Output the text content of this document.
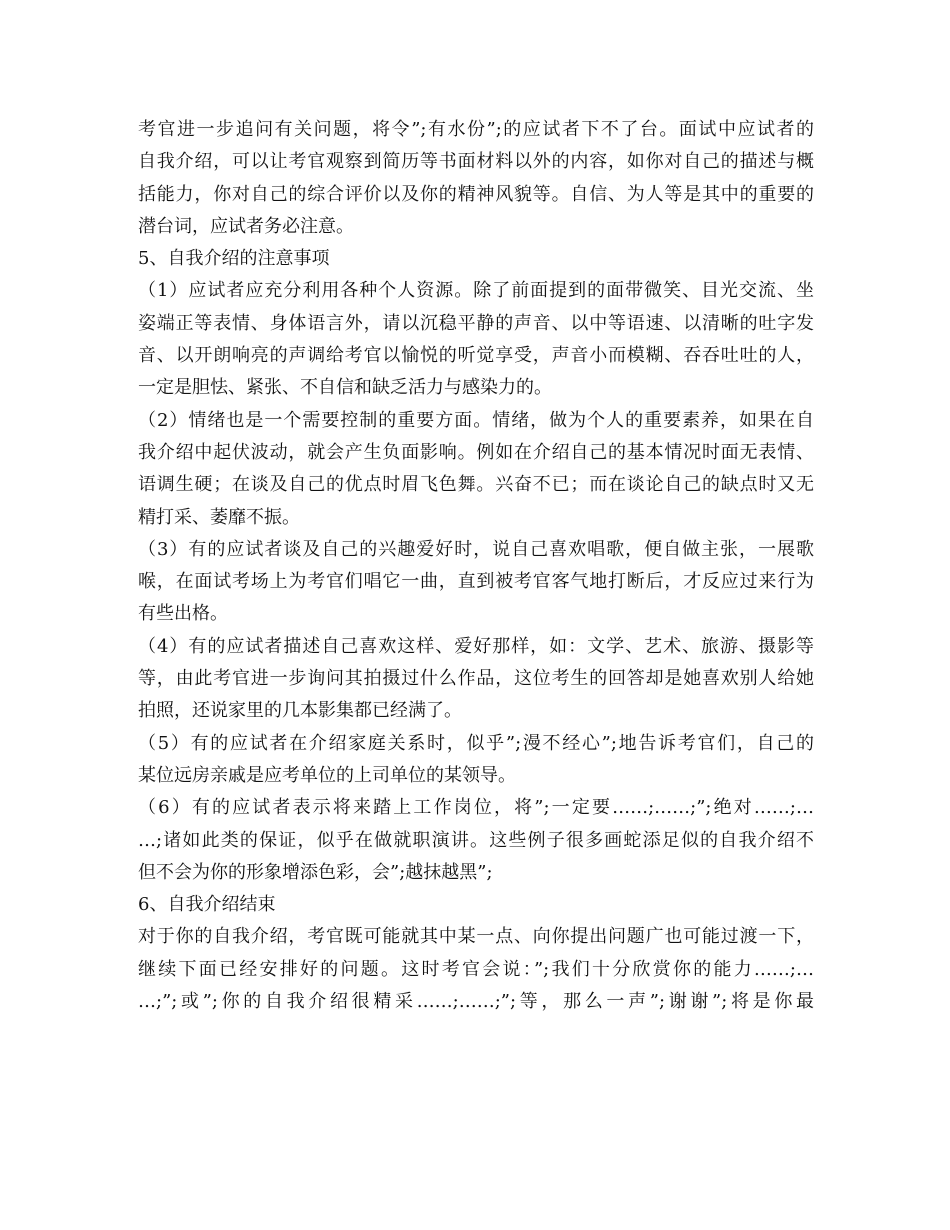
考官进一步追问有关问题，将令”;有水份”;的应试者下不了台。面试中应试者的
自我介绍，可以让考官观察到简历等书面材料以外的内容，如你对自己的描述与概
括能力，你对自己的综合评价以及你的精神风貌等。自信、为人等是其中的重要的
潜台词，应试者务必注意。
5、自我介绍的注意事项
（1）应试者应充分利用各种个人资源。除了前面提到的面带微笑、目光交流、坐
姿端正等表情、身体语言外，请以沉稳平静的声音、以中等语速、以清晰的吐字发
音、以开朗响亮的声调给考官以愉悦的听觉享受，声音小而模糊、吞吞吐吐的人，
一定是胆怯、紧张、不自信和缺乏活力与感染力的。
（2）情绪也是一个需要控制的重要方面。情绪，做为个人的重要素养，如果在自
我介绍中起伏波动，就会产生负面影响。例如在介绍自己的基本情况时面无表情、
语调生硬；在谈及自己的优点时眉飞色舞。兴奋不已；而在谈论自己的缺点时又无
精打采、萎靡不振。
（3）有的应试者谈及自己的兴趣爱好时，说自己喜欢唱歌，便自做主张，一展歌
喉，在面试考场上为考官们唱它一曲，直到被考官客气地打断后，才反应过来行为
有些出格。
（4）有的应试者描述自己喜欢这样、爱好那样，如：文学、艺术、旅游、摄影等
等，由此考官进一步询问其拍摄过什么作品，这位考生的回答却是她喜欢别人给她
拍照，还说家里的几本影集都已经满了。
（5）有的应试者在介绍家庭关系时，似乎”;漫不经心”;地告诉考官们，自己的
某位远房亲戚是应考单位的上司单位的某领导。
（6）有的应试者表示将来踏上工作岗位，将”;一定要……;……;”;绝对……;…
…;诸如此类的保证，似乎在做就职演讲。这些例子很多画蛇添足似的自我介绍不
但不会为你的形象增添色彩，会”;越抹越黑”;
6、自我介绍结束
对于你的自我介绍，考官既可能就其中某一点、向你提出问题广也可能过渡一下，
继续下面已经安排好的问题。这时考官会说：”;我们十分欣赏你的能力……;…
…;”;或”;你的自我介绍很精采……;……;”;等，那么一声”;谢谢”;将是你最
